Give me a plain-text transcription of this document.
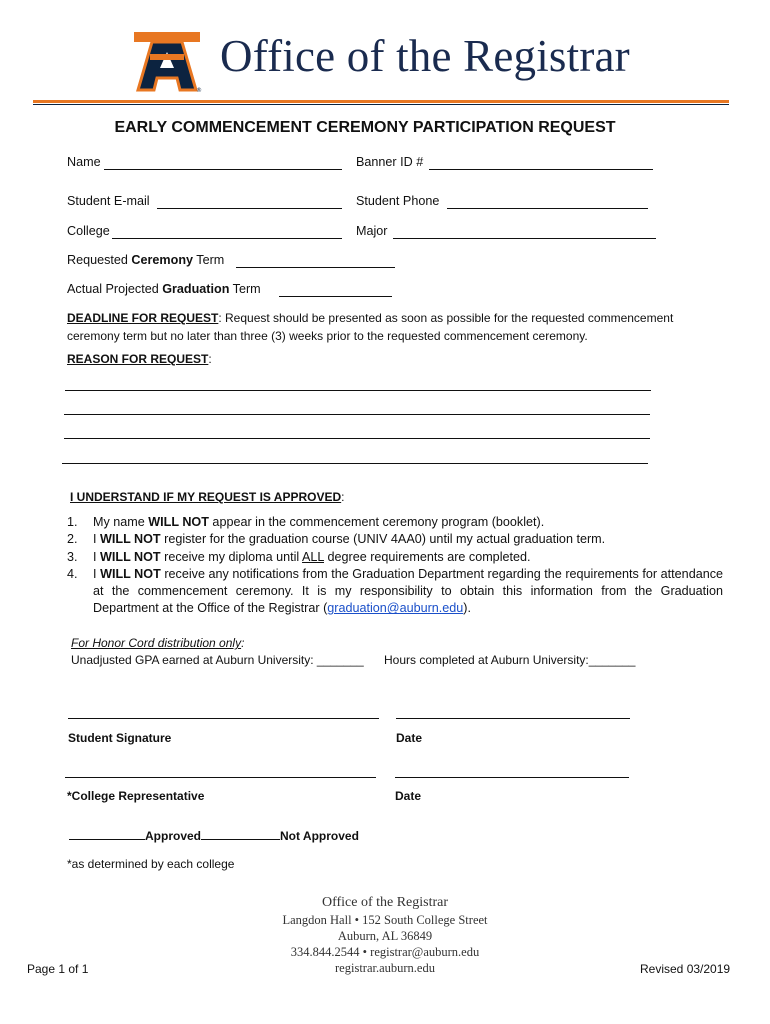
®
Office of the Registrar
EARLY COMMENCEMENT CEREMONY PARTICIPATION REQUEST
Name	Banner ID #
Student E-mail	Student Phone
College	Major
Requested Ceremony Term
Actual Projected Graduation Term
DEADLINE FOR REQUEST: Request should be presented as soon as possible for the requested commencement ceremony term but no later than three (3) weeks prior to the requested commencement ceremony.
REASON FOR REQUEST:
I UNDERSTAND IF MY REQUEST IS APPROVED:
1.	My name WILL NOT appear in the commencement ceremony program (booklet).
2.	I WILL NOT register for the graduation course (UNIV 4AA0) until my actual graduation term.
3.	I WILL NOT receive my diploma until ALL degree requirements are completed.
4.	I WILL NOT receive any notifications from the Graduation Department regarding the requirements for attendance at the commencement ceremony. It is my responsibility to obtain this information from the Graduation Department at the Office of the Registrar (graduation@auburn.edu).
For Honor Cord distribution only:
Unadjusted GPA earned at Auburn University: _______ Hours completed at Auburn University:_______
Student Signature	Date
*College Representative	Date
Approved	Not Approved
*as determined by each college
Office of the Registrar
Langdon Hall • 152 South College Street
Auburn, AL 36849
334.844.2544 • registrar@auburn.edu
registrar.auburn.edu
Page 1 of 1	Revised 03/2019
